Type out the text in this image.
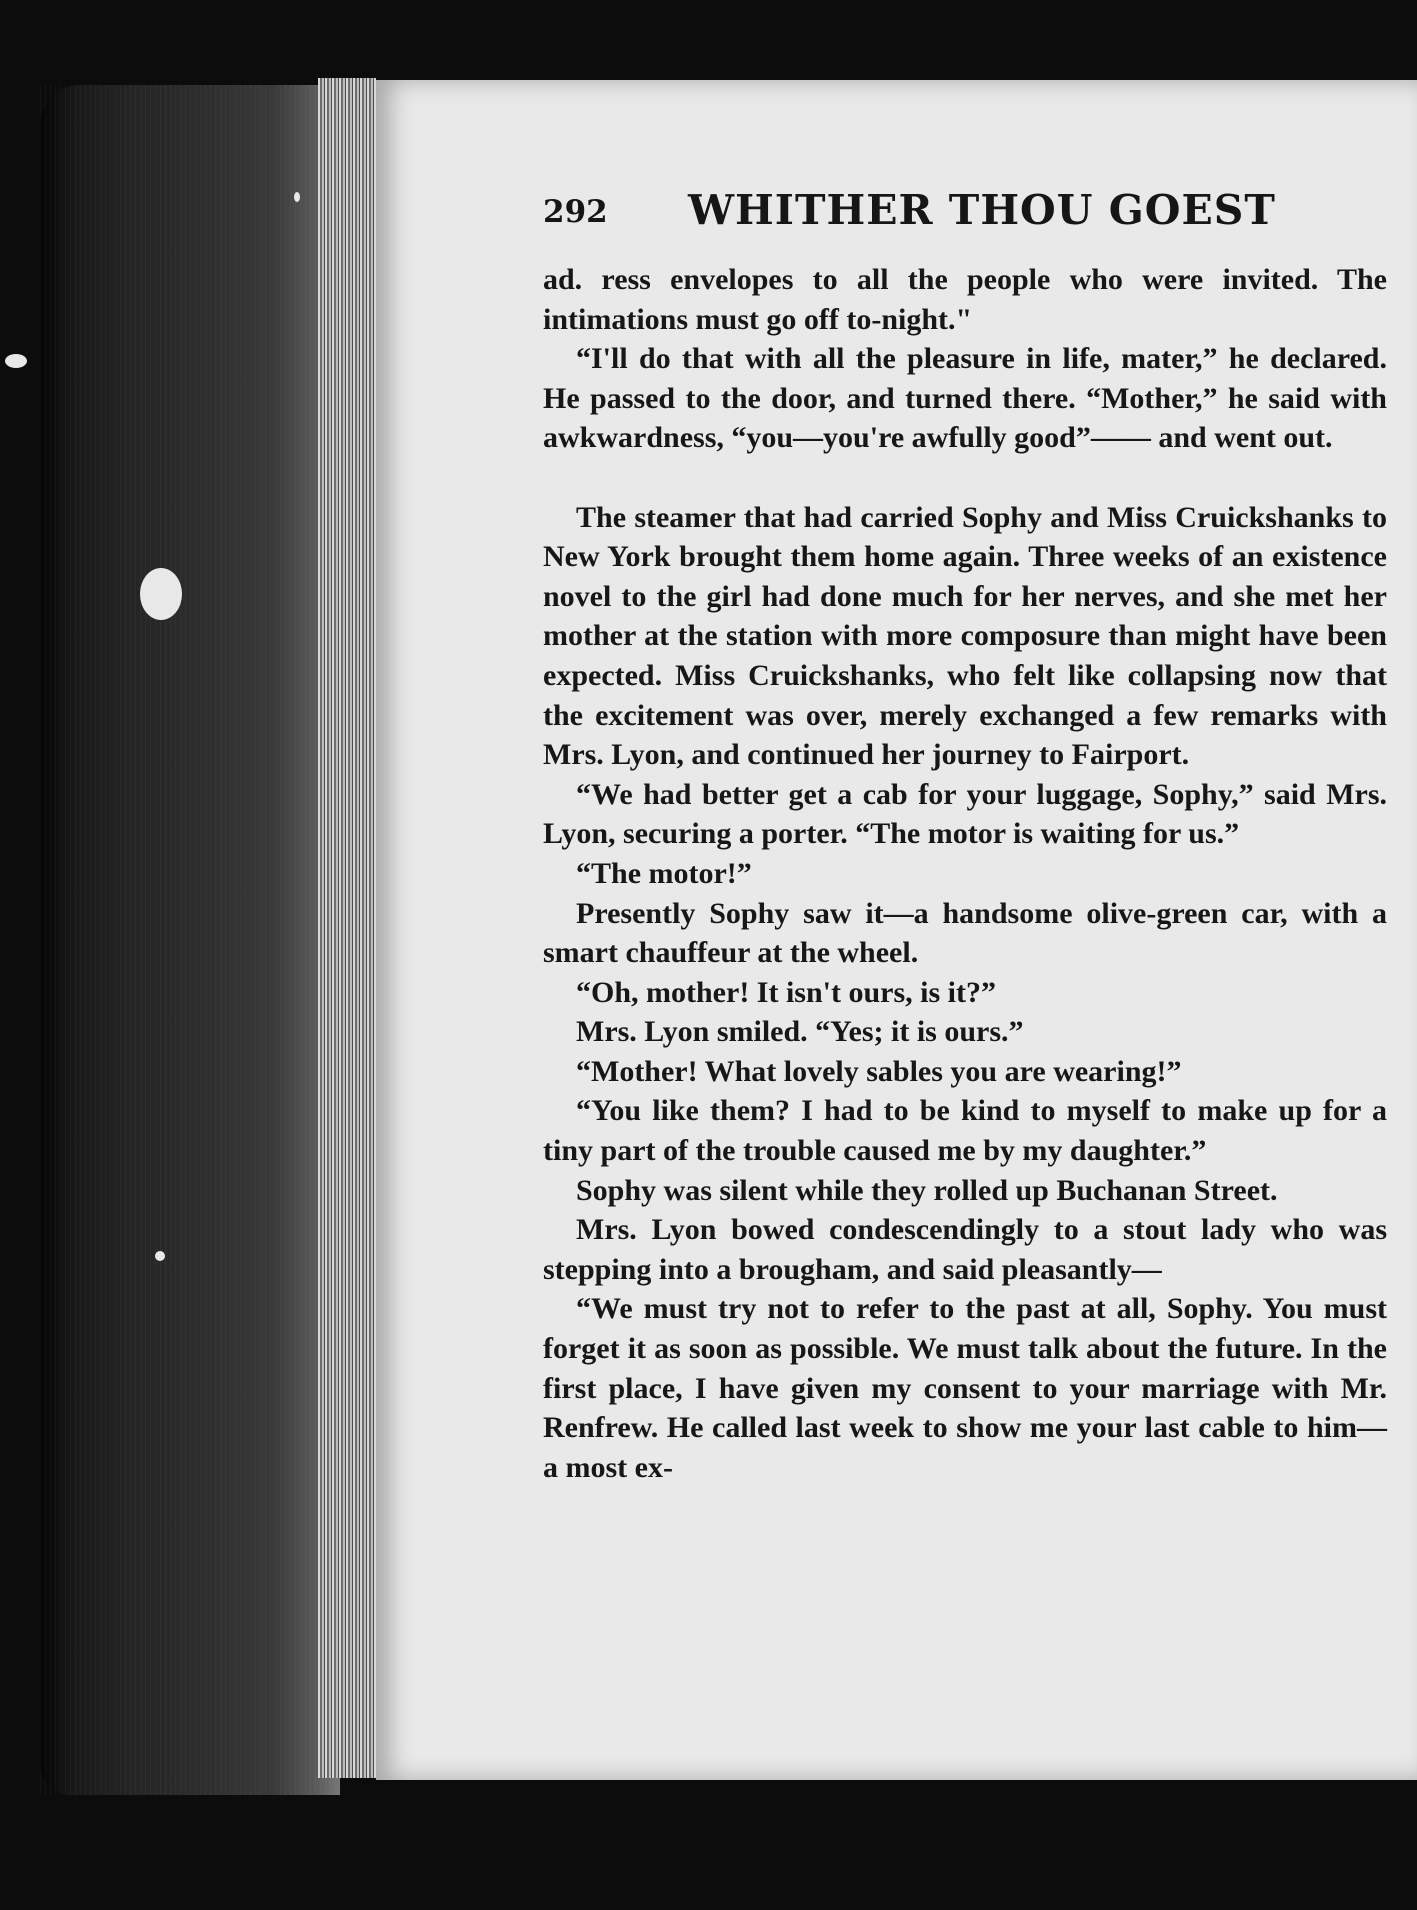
292 WHITHER THOU GOEST

ad. ress envelopes to all the people who were invited. The intimations must go off to-night."

“I'll do that with all the pleasure in life, mater,” he declared. He passed to the door, and turned there. “Mother,” he said with awkwardness, “you—you're awfully good”—— and went out.

The steamer that had carried Sophy and Miss Cruickshanks to New York brought them home again. Three weeks of an existence novel to the girl had done much for her nerves, and she met her mother at the station with more composure than might have been expected. Miss Cruickshanks, who felt like collapsing now that the excitement was over, merely exchanged a few remarks with Mrs. Lyon, and continued her journey to Fairport.

“We had better get a cab for your luggage, Sophy,” said Mrs. Lyon, securing a porter. “The motor is waiting for us.”

“The motor!”

Presently Sophy saw it—a handsome olive-green car, with a smart chauffeur at the wheel.

“Oh, mother! It isn't ours, is it?”

Mrs. Lyon smiled. “Yes; it is ours.”

“Mother! What lovely sables you are wearing!”

“You like them? I had to be kind to myself to make up for a tiny part of the trouble caused me by my daughter.”

Sophy was silent while they rolled up Buchanan Street.

Mrs. Lyon bowed condescendingly to a stout lady who was stepping into a brougham, and said pleasantly—

“We must try not to refer to the past at all, Sophy. You must forget it as soon as possible. We must talk about the future. In the first place, I have given my consent to your marriage with Mr. Renfrew. He called last week to show me your last cable to him—a most ex-
